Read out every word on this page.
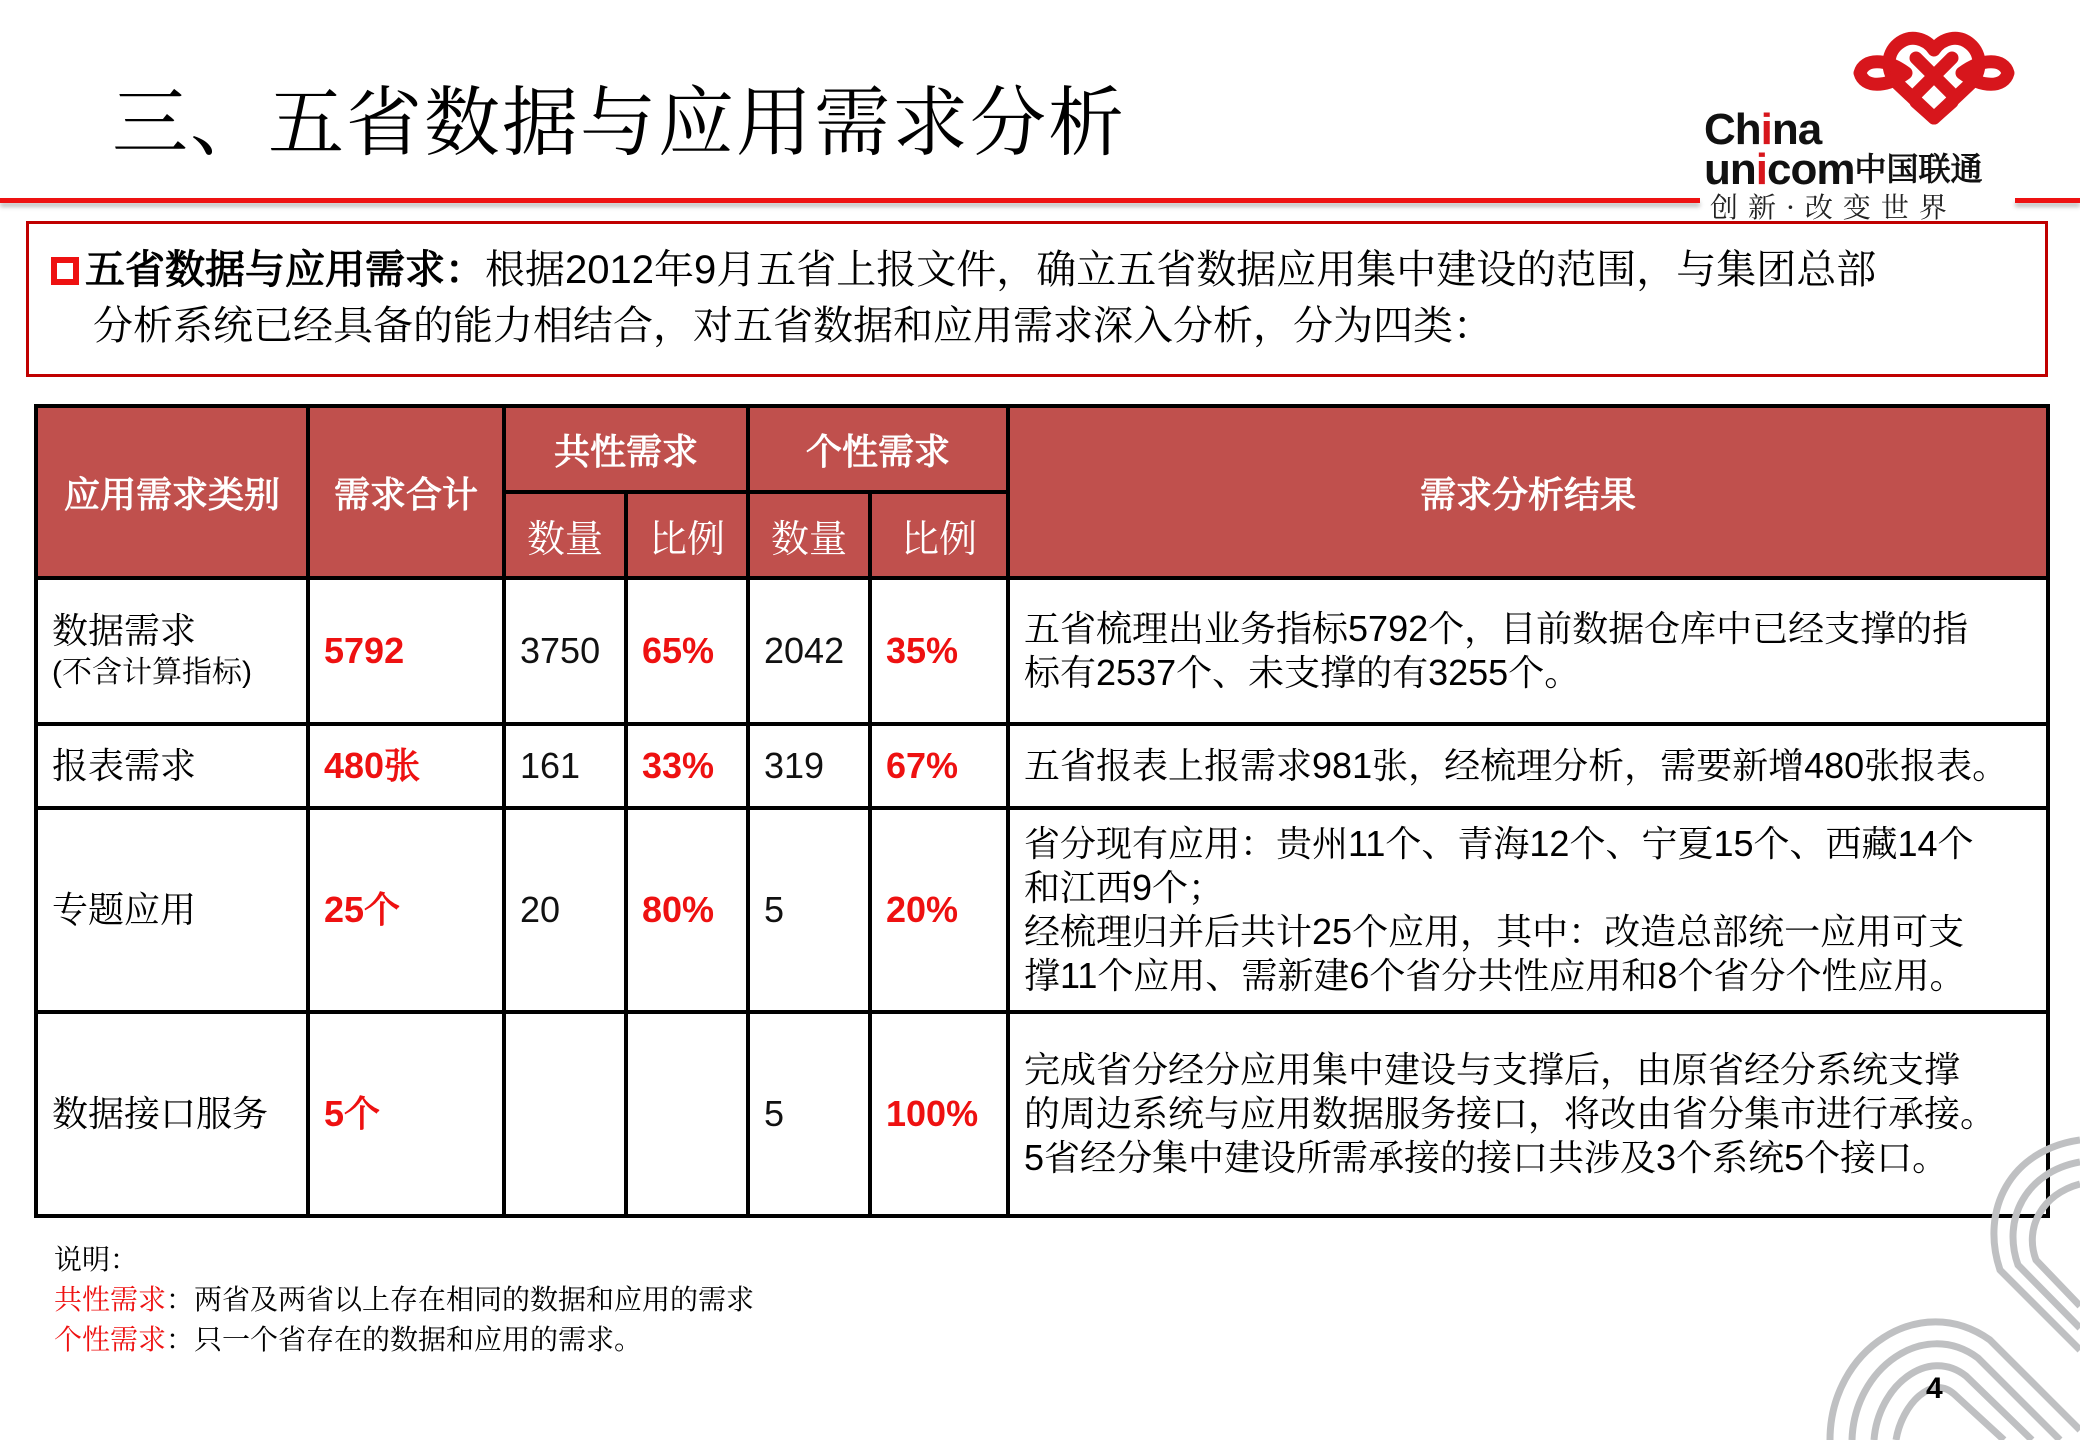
三、五省数据与应用需求分析	China
unicom中国联通
创新·改变世界
五省数据与应用需求：根据2012年9月五省上报文件，确立五省数据应用集中建设的范围，与集团总部
分析系统已经具备的能力相结合，对五省数据和应用需求深入分析，分为四类：
应用需求类别	需求合计	共性需求		个性需求		需求分析结果
		数量	比例	数量	比例	
数据需求
(不含计算指标)	5792	3750	65%	2042	35%	五省梳理出业务指标5792个，目前数据仓库中已经支撑的指
标有2537个、未支撑的有3255个。

报表需求	480张	161	33%	319	67%	五省报表上报需求981张，经梳理分析，需要新增480张报表。

专题应用	25个	20	80%	5	20%	省分现有应用：贵州11个、青海12个、宁夏15个、西藏14个
和江西9个；
经梳理归并后共计25个应用，其中：改造总部统一应用可支
撑11个应用、需新建6个省分共性应用和8个省分个性应用。

数据接口服务	5个			5	100%	完成省分经分应用集中建设与支撑后，由原省经分系统支撑
的周边系统与应用数据服务接口，将改由省分集市进行承接。
5省经分集中建设所需承接的接口共涉及3个系统5个接口。
说明：
共性需求：两省及两省以上存在相同的数据和应用的需求
个性需求：只一个省存在的数据和应用的需求。
4
